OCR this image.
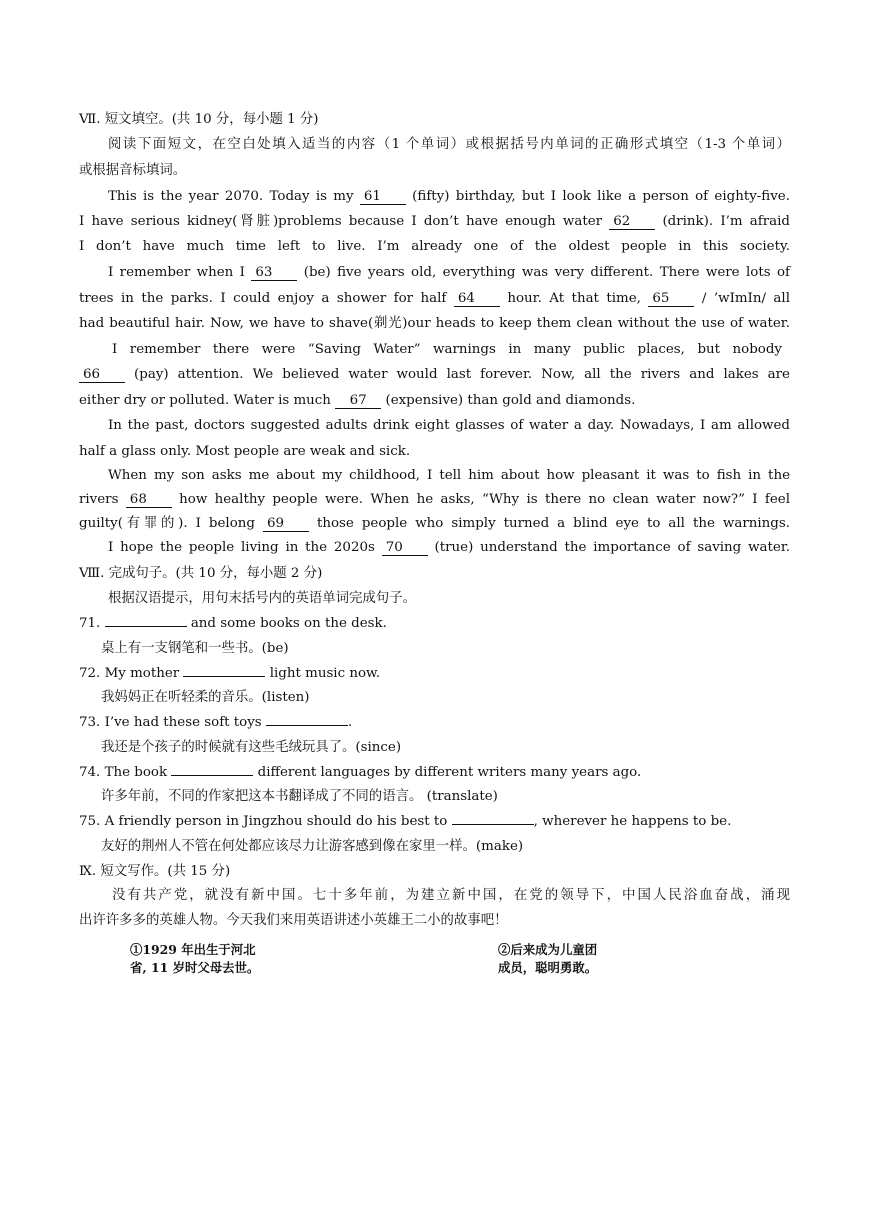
Ⅶ. 短文填空。(共 10 分，每小题 1 分)
阅读下面短文，在空白处填入适当的内容（1 个单词）或根据括号内单词的正确形式填空（1-3 个单词）
或根据音标填词。
This is the year 2070. Today is my 61 (fifty) birthday, but I look like a person of eighty-five.
I have serious kidney(肾脏)problems because I don’t have enough water 62 (drink). I’m afraid
I don’t have much time left to live. I’m already one of the oldest people in this society.
I remember when I 63 (be) five years old, everything was very different. There were lots of
trees in the parks. I could enjoy a shower for half 64 hour. At that time, 65 / ’wImIn/ all
had beautiful hair. Now, we have to shave(剃光)our heads to keep them clean without the use of water.
I remember there were “Saving Water” warnings in many public places, but nobody
66	(pay) attention. We believed water would last forever. Now, all the rivers and lakes are
either dry or polluted. Water is much 67 (expensive) than gold and diamonds.
In the past, doctors suggested adults drink eight glasses of water a day. Nowadays, I am allowed
half a glass only. Most people are weak and sick.
When my son asks me about my childhood, I tell him about how pleasant it was to fish in the
rivers 68 how healthy people were. When he asks, “Why is there no clean water now?” I feel
guilty(有罪的). I belong 69 those people who simply turned a blind eye to all the warnings.
I hope the people living in the 2020s 70 (true) understand the importance of saving water.
Ⅷ. 完成句子。(共 10 分，每小题 2 分)
根据汉语提示，用句末括号内的英语单词完成句子。
71.	and some books on the desk.
桌上有一支钢笔和一些书。(be)
72. My mother	light music now.
我妈妈正在听轻柔的音乐。(listen)
73. I’ve had these soft toys	.
我还是个孩子的时候就有这些毛绒玩具了。(since)
74. The book	different languages by different writers many years ago.
许多年前，不同的作家把这本书翻译成了不同的语言。 (translate)
75. A friendly person in Jingzhou should do his best to	, wherever he happens to be.
友好的荆州人不管在何处都应该尽力让游客感到像在家里一样。(make)
Ⅸ. 短文写作。(共 15 分)
没有共产党，就没有新中国。七十多年前，为建立新中国，在党的领导下，中国人民浴血奋战，涌现
出许许多多的英雄人物。今天我们来用英语讲述小英雄王二小的故事吧！
①1929 年出生于河北
省, 11 岁时父母去世。
②后来成为儿童团
成员，聪明勇敢。
